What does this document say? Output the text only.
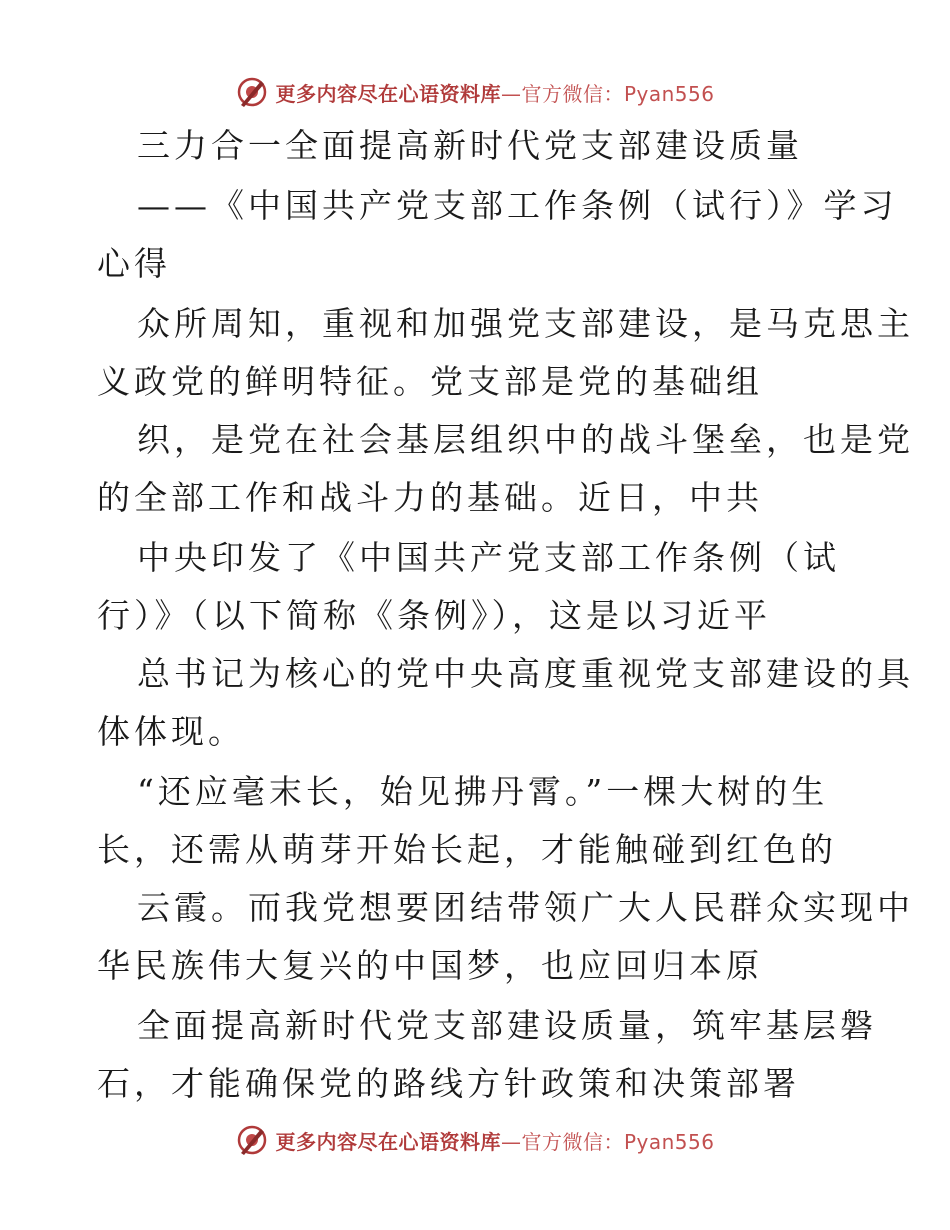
更多内容尽在心语资料库—官方微信：Pyan556
三力合一全面提高新时代党支部建设质量
——《中国共产党支部工作条例（试行）》学习
心得
众所周知，重视和加强党支部建设，是马克思主
义政党的鲜明特征。党支部是党的基础组
织，是党在社会基层组织中的战斗堡垒，也是党
的全部工作和战斗力的基础。近日，中共
中央印发了《中国共产党支部工作条例（试
行）》（以下简称《条例》），这是以习近平
总书记为核心的党中央高度重视党支部建设的具
体体现。
“还应毫末长，始见拂丹霄。”一棵大树的生
长，还需从萌芽开始长起，才能触碰到红色的
云霞。而我党想要团结带领广大人民群众实现中
华民族伟大复兴的中国梦，也应回归本原
全面提高新时代党支部建设质量，筑牢基层磐
石，才能确保党的路线方针政策和决策部署
更多内容尽在心语资料库—官方微信：Pyan556
